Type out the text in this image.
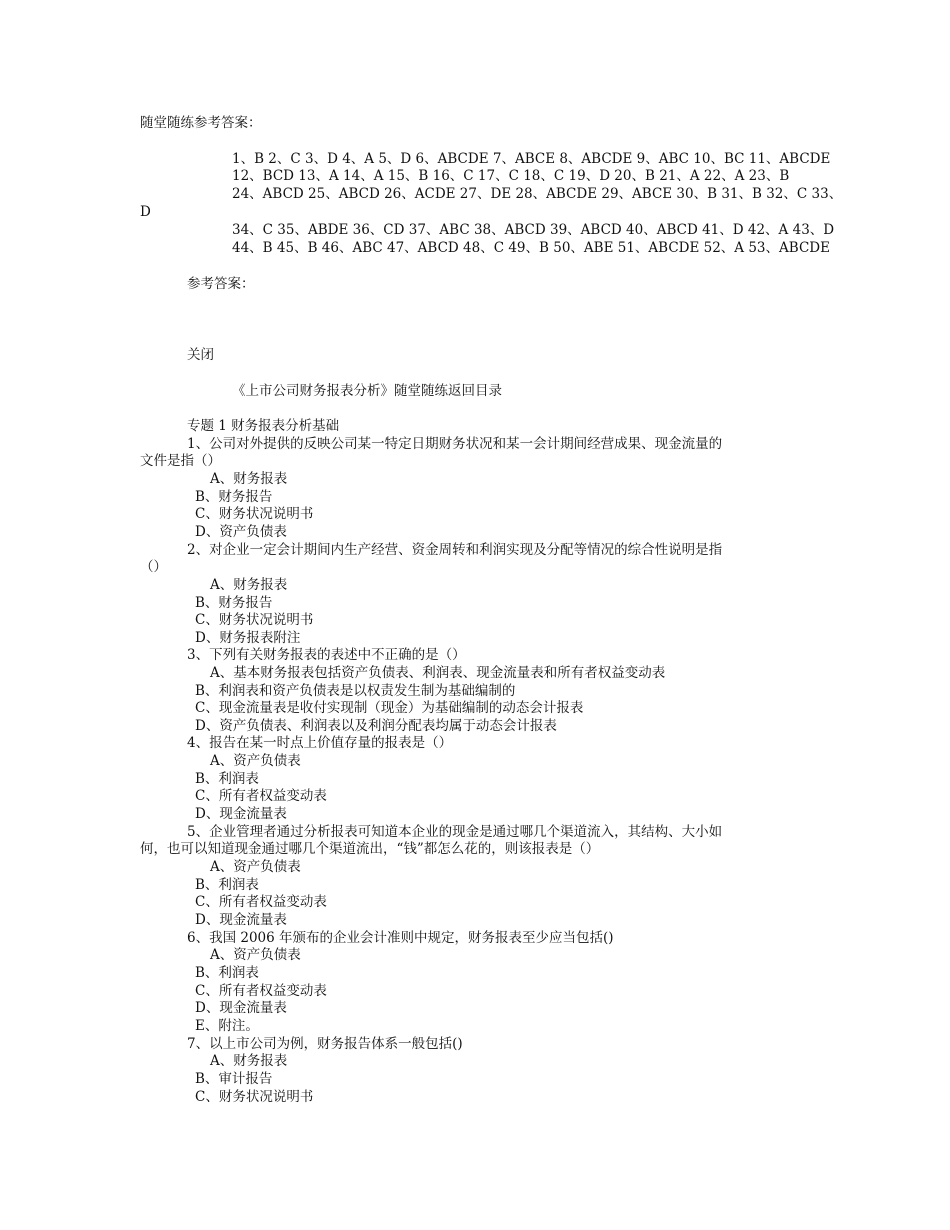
随堂随练参考答案：

1、B 2、C 3、D 4、A 5、D 6、ABCDE 7、ABCE 8、ABCDE 9、ABC 10、BC 11、ABCDE

12、BCD 13、A 14、A 15、B 16、C 17、C 18、C 19、D 20、B 21、A 22、A 23、B

24、ABCD 25、ABCD 26、ACDE 27、DE 28、ABCDE 29、ABCE 30、B 31、B 32、C 33、

D

34、C 35、ABDE 36、CD 37、ABC 38、ABCD 39、ABCD 40、ABCD 41、D 42、A 43、D

44、B 45、B 46、ABC 47、ABCD 48、C 49、B 50、ABE 51、ABCDE 52、A 53、ABCDE

参考答案：

关闭

《上市公司财务报表分析》随堂随练返回目录

专题 1 财务报表分析基础

1、公司对外提供的反映公司某一特定日期财务状况和某一会计期间经营成果、现金流量的

文件是指（）

A、财务报表

B、财务报告

C、财务状况说明书

D、资产负债表

2、对企业一定会计期间内生产经营、资金周转和利润实现及分配等情况的综合性说明是指

（）

A、财务报表

B、财务报告

C、财务状况说明书

D、财务报表附注

3、下列有关财务报表的表述中不正确的是（）

A、基本财务报表包括资产负债表、利润表、现金流量表和所有者权益变动表

B、利润表和资产负债表是以权责发生制为基础编制的

C、现金流量表是收付实现制（现金）为基础编制的动态会计报表

D、资产负债表、利润表以及利润分配表均属于动态会计报表

4、报告在某一时点上价值存量的报表是（）

A、资产负债表

B、利润表

C、所有者权益变动表

D、现金流量表

5、企业管理者通过分析报表可知道本企业的现金是通过哪几个渠道流入，其结构、大小如

何，也可以知道现金通过哪几个渠道流出，“钱”都怎么花的，则该报表是（）

A、资产负债表

B、利润表

C、所有者权益变动表

D、现金流量表

6、我国 2006 年颁布的企业会计准则中规定，财务报表至少应当包括()

A、资产负债表

B、利润表

C、所有者权益变动表

D、现金流量表

E、附注。

7、以上市公司为例，财务报告体系一般包括()

A、财务报表

B、审计报告

C、财务状况说明书
